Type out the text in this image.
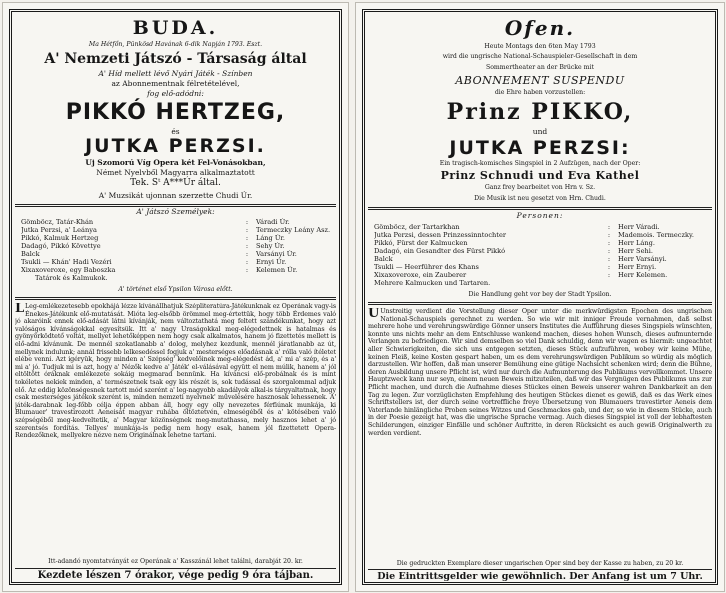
BUDA.
Ma Hétfőn, Pünkösd Havának 6-dik Napján 1793. Eszt.
A' Nemzeti Játszó - Társaság által
A' Híd mellett lévő Nyári Játék - Színben
az Abonnementnak félretételével,
fog elő-adódni:
PIKKÓ HERTZEG,
és
JUTKA PERZSI.
Uj Szomorú Víg Opera két Fel-Vonásokban,
Német Nyelvből Magyarra alkalmaztatott
Tek. Sᵗ A***Úr által.
A' Muzsikát ujonnan szerzette Chudi Úr.
A' Játszó Személyek:
Gömböcz, Tatár-Khán	:	Váradi Úr.
Jutka Perzsi, a' Leánya	:	Termeczky Leány Asz.
Pikkó, Kalmuk Hertzeg	:	Láng Úr.
Dadagó, Pikkó Követtye	:	Sehy Úr.
Balck	:	Varsányi Úr.
Tsukli — Khán' Hadi Vezéri	:	Ernyi Úr.
Xixaxoveroxe, egy Baboszka	:	Kelemen Úr.
Tatárok és Kalmukok.
A' történet első Ypsilon Városa előtt.
L Leg-emlékezetesebb epokhájá lézze kívánállhatjuk Szépliteratúra-Játékunknak ez Operának vagy-is Énekes-Játékunk elő-mutatását. Mióta leg-elsőbb örömmel meg-értettük, hogy több Érdemes való jó akaróink ennek elő-adását látni kívánják, nem változtathatá meg feltett szándékunkat, hogy azt valóságos kívánságokkal egyesítsük. Itt a' nagy Uraságokkal meg-elégedettnek is hatalmas és gyönyörködtető voltát, mellyet lehetőképpen nem hogy csak alkalmatos, hanem jó fizettetés mellett is elő-adni kívánunk. De mennél szokatlanabb a' dolog, melyhez kezdunk, mennél járatlanabb az út, mellynek indulunk; annál frissebb lelkesedéssel fogjuk a' mesterséges előadásnak a' rólla való ítéletet elébe venni. Azt igéryük, hogy minden a' Szépség' kedvelőinek meg-elégedést ád, a' mi a' szép, és a' mi a' jó. Tudjuk mi is azt, hogy a' Nézők kedve a' Játék' el-válásával együtt el nem múlik, hanem a' jól eltöltött óráknak emlékezete sokáig megmarad bennünk. Ha kíváncsi elő-probálnak és is mint tokéletes nekiek minden, a' természetnek tsak egy kis részét is, sok tudással és szorgalommal adjuk elő. Az eddig közönségesnek tartott mód szerént a' leg-nagyobb akadályok alkal-is tárgyaltatnak, hogy csak mesterséges játékok szerént is, minden nemzeti nyelvnek' művelésére hasznosak lehessenek. A' játék-darabnak leg-főbb célja éppen abban áll, hogy egy olly nevezetes férfiúnak munkája, ki Blumauer' travestirozott Aeneisát magyar ruhába öltöztetvén, elmeségéből és a' kötésében való szépségéből meg-kedveltetik, a' Magyar közönségnek meg-mutathassa, mely hasznos lehet a' jó szerentsés fordítás. Tellyes' munkája-is pedig nem hogy esak, hanem jól fizettetett Opera-Rendezőknek, mellyekre nézve nem Originálnak lehetne tartani.
Itt-adandó nyomtatványát ez Operának a' Kasszánál lehet találni, darabját 20. kr.
Kezdete lészen 7 órakor, vége pedig 9 óra tájban.
Ofen.
Heute Montags den 6ten May 1793
wird die ungrische National-Schauspieler-Gesellschaft in dem
Sommertheater an der Brücke mit
ABONNEMENT SUSPENDU
die Ehre haben vorzustellen:
Prinz PIKKO,
und
JUTKA PERZSI:
Ein tragisch-komisches Singspiel in 2 Aufzügen, nach der Oper:
Prinz Schnudi und Eva Kathel
Ganz frey bearbeitet von Hrn v. Sz.
Die Musik ist neu gesetzt von Hrn. Chudi.
Personen:
Gömböcz, der Tartarkhan	:	Herr Váradi.
Jutka Perzsi, dessen Prinzessinntochter	:	Mademois. Termeczky.
Pikkó, Fürst der Kalmucken	:	Herr Láng.
Dadagó, ein Gesandter des Fürst Pikkó	:	Herr Sehi.
Balck	:	Herr Varsányi.
Tsukli — Heerführer des Khans	:	Herr Ernyi.
Xixaxoveroxe, ein Zauberer	:	Herr Kelemen.
Mehrere Kalmucken und Tartaren.
Die Handlung geht vor bey der Stadt Ypsilon.
U Unstreitig verdient die Vorstellung dieser Oper unter die merkwürdigsten Epochen des ungrischen National-Schauspiels gerechnet zu werden. So wie wir mit inniger Freude vernahmen, daß selbst mehrere hohe und verehrungswürdige Gönner unsers Institutes die Aufführung dieses Singspiels wünschten, konnte uns nichts mehr an dem Entschlusse wankend machen, dieses hohen Wunsch, dieses aufmunternde Verlangen zu befriedigen. Wir sind demselben so viel Dank schuldig, denn wir wagen es hiermit: ungeachtet aller Schwierigkeiten, die sich uns entgegen setzten, dieses Stück aufzuführen, wobey wir keine Mühe, keinen Fleiß, keine Kosten gespart haben, um es dem verehrungswürdigen Publikum so würdig als möglich darzustellen. Wir hoffen, daß man unserer Bemühung eine gütige Nachsicht schenken wird; denn die Bühne, deren Ausbildung unsere Pflicht ist, wird nur durch die Aufmunterung des Publikums vervollkommet. Unsere Hauptzweck kann nur seyn, einem neuen Beweis mitzuteilen, daß wir das Vergnügen des Publikums uns zur Pflicht machen, und durch die Aufnahme dieses Stückes einen Beweis unserer wahren Dankbarkeit an den Tag zu legen. Zur vorzüglichsten Empfehlung des heutigen Stückes dienet es gewiß, daß es das Werk eines Schriftstellers ist, der durch seine vortreffliche freye Übersetzung von Blumauers travestirter Aeneis dem Vaterlande hinlängliche Proben seines Witzes und Geschmackes gab, und der, so wie in diesem Stücke, auch in der Poesie gezeigt hat, was die ungrische Sprache vermag. Auch dieses Singspiel ist voll der lebhaftesten Schilderungen, einziger Einfälle und schöner Auftritte, in deren Rücksicht es auch gewiß Originalwerth zu werden verdient.
Die gedruckten Exemplare dieser ungarischen Oper sind bey der Kasse zu haben, zu 20 kr.
Die Eintrittsgelder wie gewöhnlich. Der Anfang ist um 7 Uhr.
